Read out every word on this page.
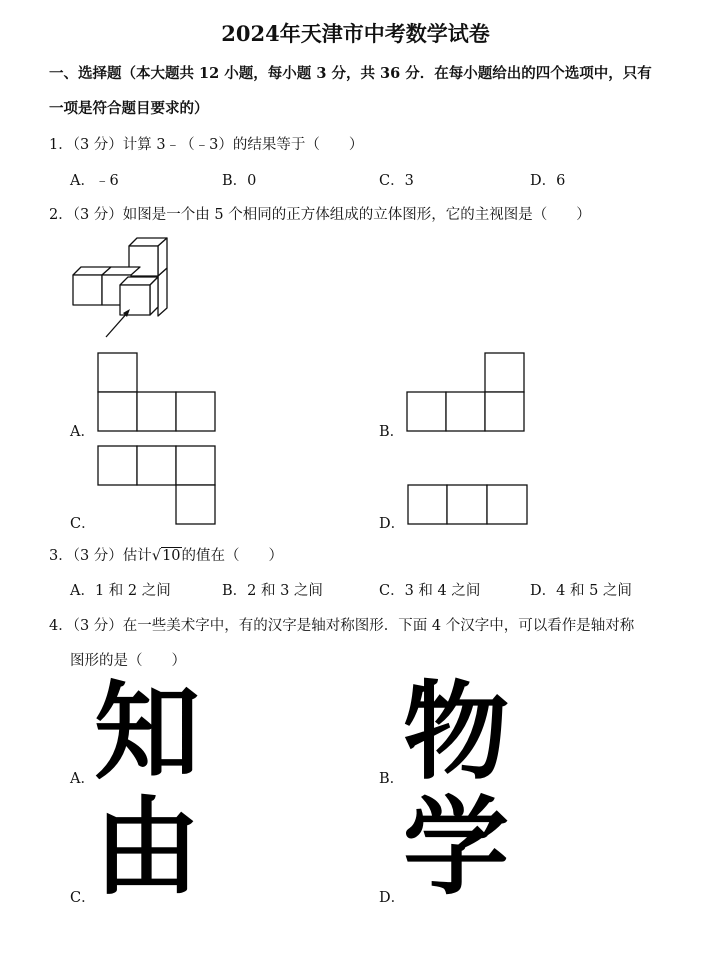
2024年天津市中考数学试卷
一、选择题（本大题共 12 小题，每小题 3 分，共 36 分．在每小题给出的四个选项中，只有
一项是符合题目要求的）
1．（3 分）计算 3﹣（﹣3）的结果等于（　　）
A．﹣6	B．0	C．3	D．6
2．（3 分）如图是一个由 5 个相同的正方体组成的立体图形，它的主视图是（　　）
A．	B．
C．	D．
3．（3 分）估计√10的值在（　　）
A．1 和 2 之间	B．2 和 3 之间	C．3 和 4 之间	D．4 和 5 之间
4．（3 分）在一些美术字中，有的汉字是轴对称图形．下面 4 个汉字中，可以看作是轴对称
图形的是（　　）
知
A．	物
B．
由
C．	学
D．
